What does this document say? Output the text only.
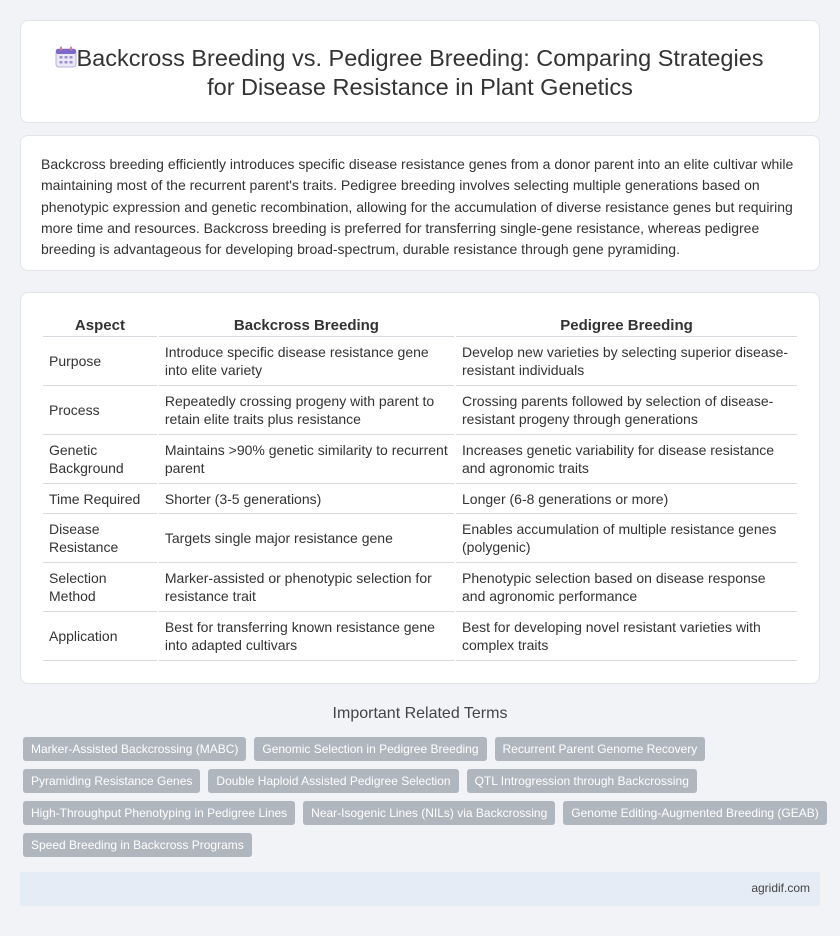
Backcross Breeding vs. Pedigree Breeding: Comparing Strategies
for Disease Resistance in Plant Genetics

Backcross breeding efficiently introduces specific disease resistance genes from a donor parent into an elite cultivar while maintaining most of the recurrent parent's traits. Pedigree breeding involves selecting multiple generations based on phenotypic expression and genetic recombination, allowing for the accumulation of diverse resistance genes but requiring more time and resources. Backcross breeding is preferred for transferring single-gene resistance, whereas pedigree breeding is advantageous for developing broad-spectrum, durable resistance through gene pyramiding.

Aspect	Backcross Breeding	Pedigree Breeding
Purpose	Introduce specific disease resistance gene into elite variety	Develop new varieties by selecting superior disease-resistant individuals
Process	Repeatedly crossing progeny with parent to retain elite traits plus resistance	Crossing parents followed by selection of disease-resistant progeny through generations
Genetic Background	Maintains >90% genetic similarity to recurrent parent	Increases genetic variability for disease resistance and agronomic traits
Time Required	Shorter (3-5 generations)	Longer (6-8 generations or more)
Disease Resistance	Targets single major resistance gene	Enables accumulation of multiple resistance genes (polygenic)
Selection Method	Marker-assisted or phenotypic selection for resistance trait	Phenotypic selection based on disease response and agronomic performance
Application	Best for transferring known resistance gene into adapted cultivars	Best for developing novel resistant varieties with complex traits
Important Related Terms
Marker-Assisted Backcrossing (MABC)	Genomic Selection in Pedigree Breeding	Recurrent Parent Genome Recovery
Pyramiding Resistance Genes	Double Haploid Assisted Pedigree Selection	QTL Introgression through Backcrossing
High-Throughput Phenotyping in Pedigree Lines	Near-Isogenic Lines (NILs) via Backcrossing	Genome Editing-Augmented Breeding (GEAB)
Speed Breeding in Backcross Programs
agridif.com
